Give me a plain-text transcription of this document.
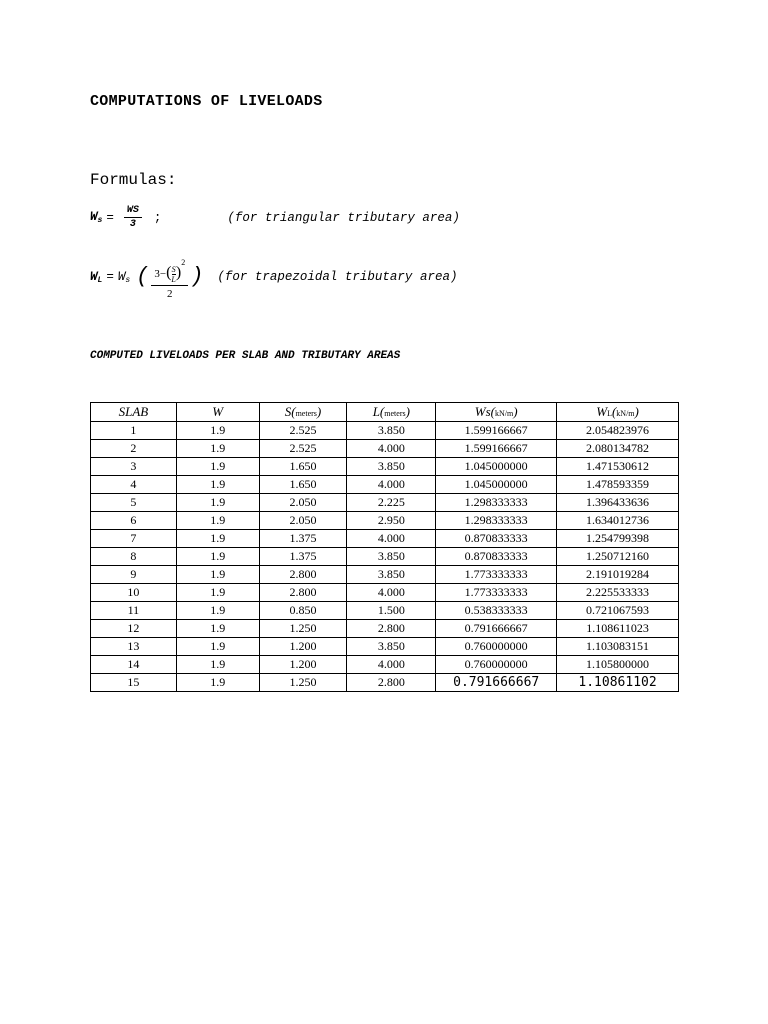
COMPUTATIONS OF LIVELOADS
Formulas:
$W_s = \frac{WS}{3}$ ;	(for triangular tributary area)
$W_L = W_s$ ( $\frac{3-( \frac{S}{L} )^2}{2}$ ) (for trapezoidal tributary area)
COMPUTED LIVELOADS PER SLAB AND TRIBUTARY AREAS
SLAB	W	S(meters)	L(meters)	Ws(kN/m)	WL(kN/m)
1	1.9	2.525	3.850	1.599166667	2.054823976
2	1.9	2.525	4.000	1.599166667	2.080134782
3	1.9	1.650	3.850	1.045000000	1.471530612
4	1.9	1.650	4.000	1.045000000	1.478593359
5	1.9	2.050	2.225	1.298333333	1.396433636
6	1.9	2.050	2.950	1.298333333	1.634012736
7	1.9	1.375	4.000	0.870833333	1.254799398
8	1.9	1.375	3.850	0.870833333	1.250712160
9	1.9	2.800	3.850	1.773333333	2.191019284
10	1.9	2.800	4.000	1.773333333	2.225533333
11	1.9	0.850	1.500	0.538333333	0.721067593
12	1.9	1.250	2.800	0.791666667	1.108611023
13	1.9	1.200	3.850	0.760000000	1.103083151
14	1.9	1.200	4.000	0.760000000	1.105800000
15	1.9	1.250	2.800	0.791666667	1.10861102
